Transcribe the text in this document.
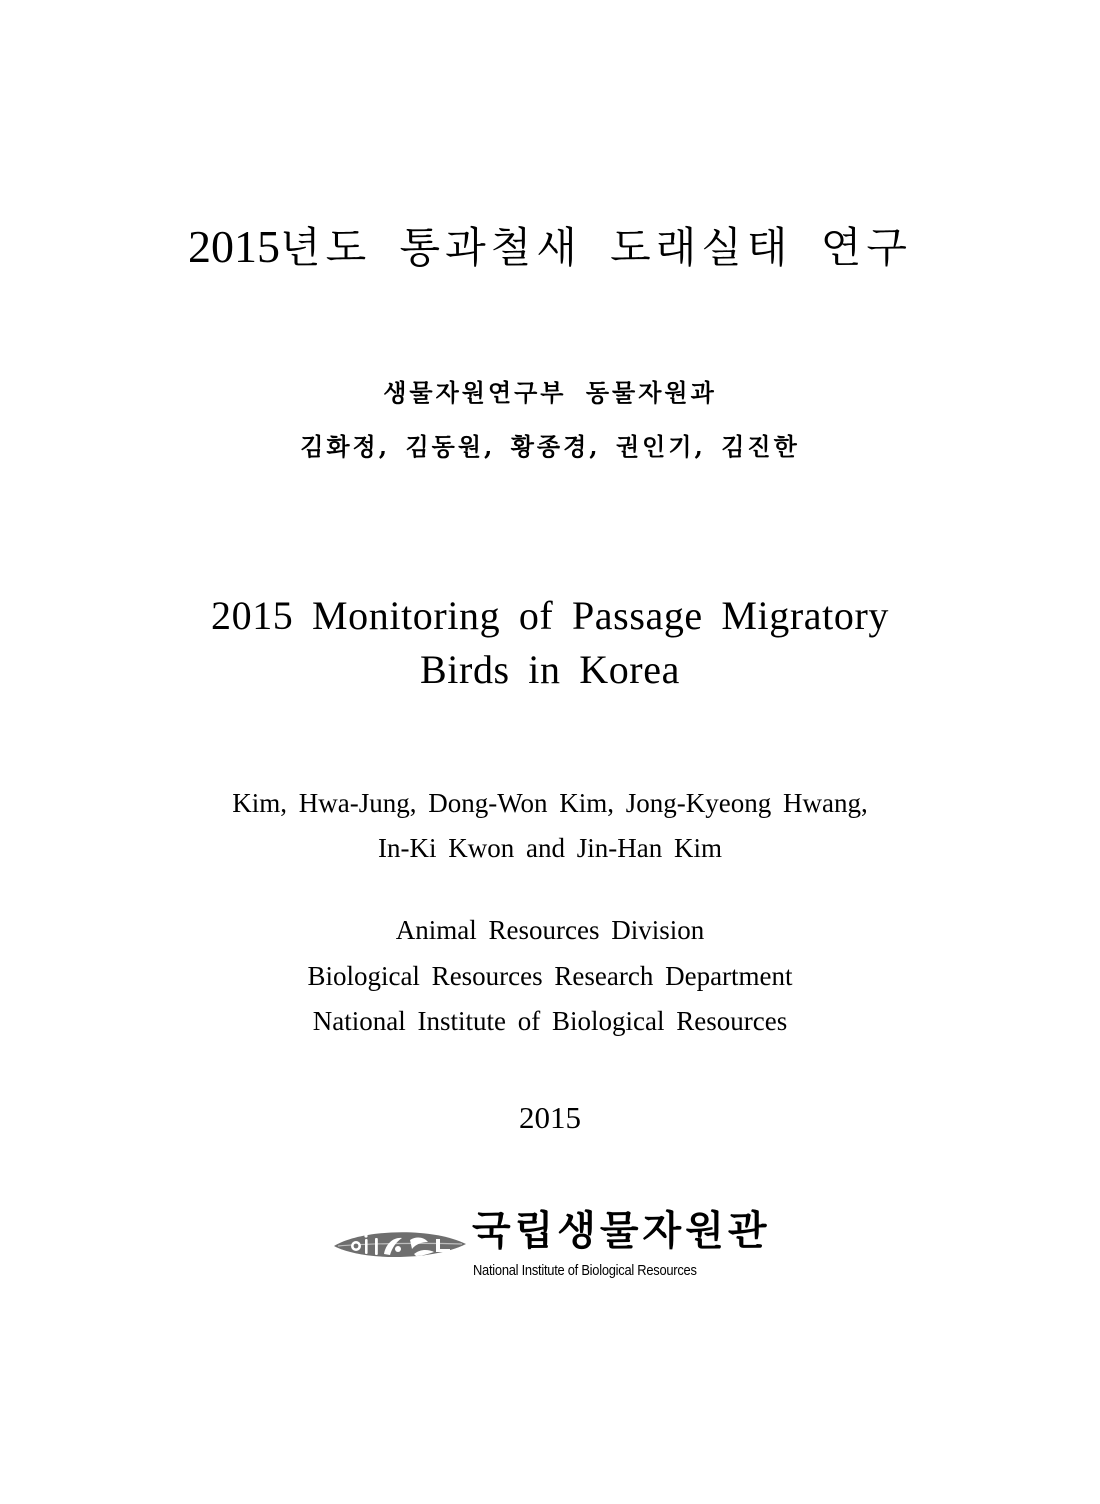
2015년도 통과철새 도래실태 연구
생물자원연구부 동물자원과
김화정, 김동원, 황종경, 권인기, 김진한
2015 Monitoring of Passage Migratory
Birds in Korea
Kim, Hwa-Jung, Dong-Won Kim, Jong-Kyeong Hwang,
In-Ki Kwon and Jin-Han Kim
Animal Resources Division
Biological Resources Research Department
National Institute of Biological Resources
2015
국립생물자원관
National Institute of Biological Resources
